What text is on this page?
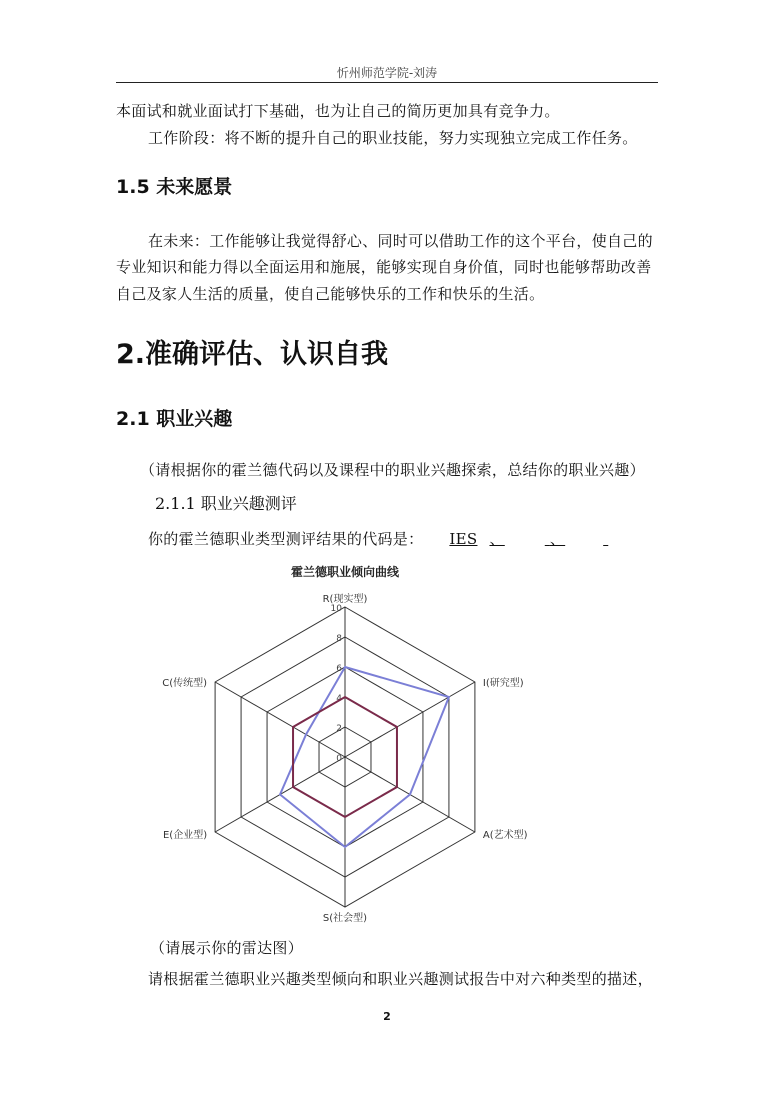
忻州师范学院-刘涛
本面试和就业面试打下基础，也为让自己的简历更加具有竞争力。
工作阶段：将不断的提升自己的职业技能，努力实现独立完成工作任务。
1.5 未来愿景
在未来：工作能够让我觉得舒心、同时可以借助工作的这个平台，使自己的
专业知识和能力得以全面运用和施展，能够实现自身价值，同时也能够帮助改善
自己及家人生活的质量，使自己能够快乐的工作和快乐的生活。
2.准确评估、认识自我
2.1 职业兴趣
（请根据你的霍兰德代码以及课程中的职业兴趣探索，总结你的职业兴趣）
2.1.1 职业兴趣测评
你的霍兰德职业类型测评结果的代码是： IES 、	、
霍兰德职业倾向曲线
0
2
4
6
8
10
R(现实型)
I(研究型)
A(艺术型)
S(社会型)
E(企业型)
C(传统型)
（请展示你的雷达图）
请根据霍兰德职业兴趣类型倾向和职业兴趣测试报告中对六种类型的描述，
2
